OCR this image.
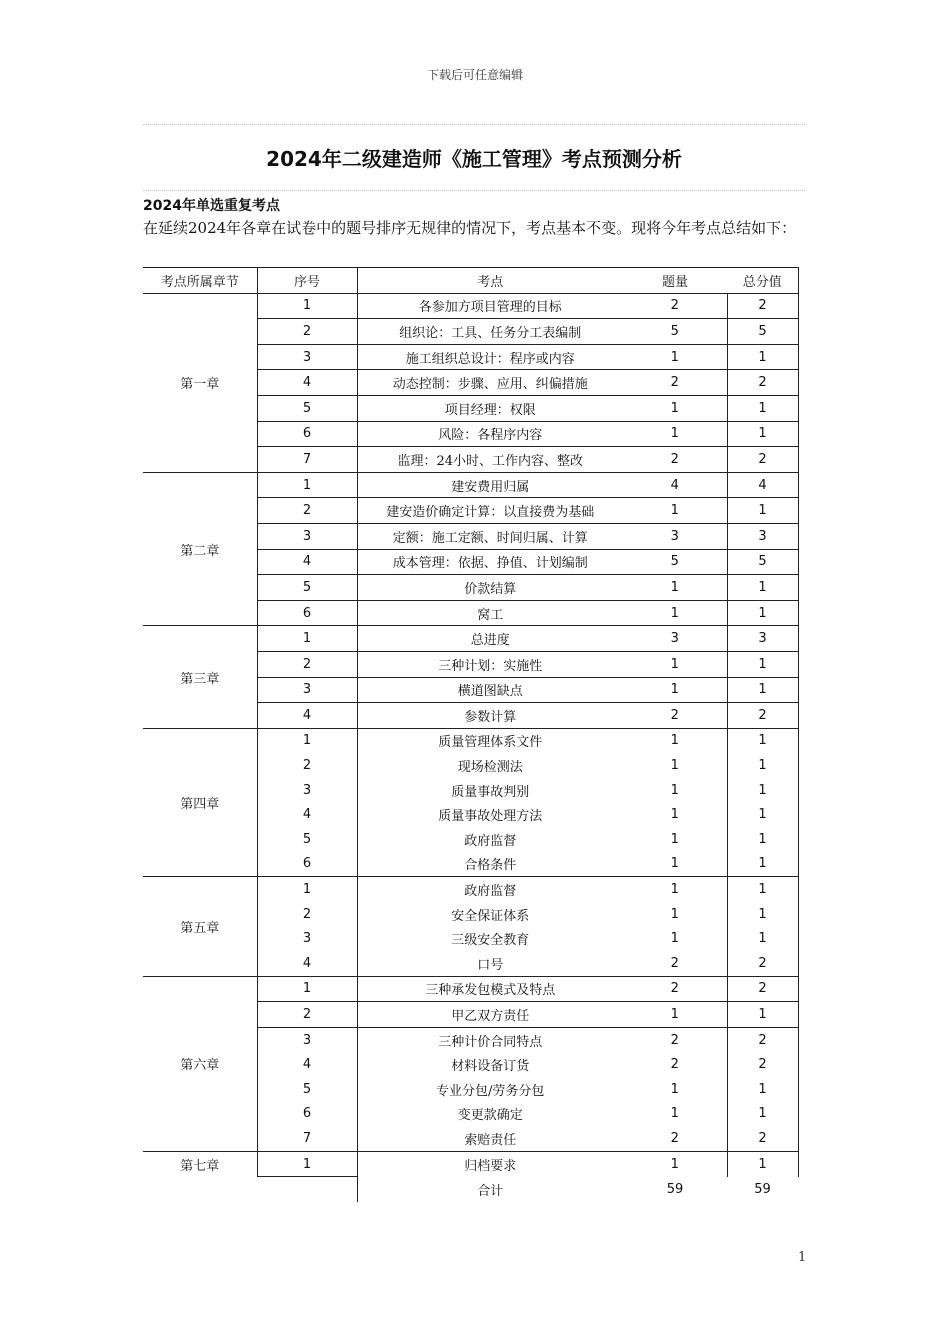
下载后可任意编辑
2024年二级建造师《施工管理》考点预测分析
2024年单选重复考点
在延续2024年各章在试卷中的题号排序无规律的情况下，考点基本不变。现将今年考点总结如下：
考点所属章节	序号	考点	题量	总分值
第一章	1	各参加方项目管理的目标	2	2
	2	组织论：工具、任务分工表编制	5	5
	3	施工组织总设计：程序或内容	1	1
	4	动态控制：步骤、应用、纠偏措施	2	2
	5	项目经理：权限	1	1
	6	风险：各程序内容	1	1
	7	监理：24小时、工作内容、整改	2	2
第二章	1	建安费用归属	4	4
	2	建安造价确定计算：以直接费为基础	1	1
	3	定额：施工定额、时间归属、计算	3	3
	4	成本管理：依据、挣值、计划编制	5	5
	5	价款结算	1	1
	6	窝工	1	1
第三章	1	总进度	3	3
	2	三种计划：实施性	1	1
	3	横道图缺点	1	1
	4	参数计算	2	2
第四章	1	质量管理体系文件	1	1
	2	现场检测法	1	1
	3	质量事故判别	1	1
	4	质量事故处理方法	1	1
	5	政府监督	1	1
	6	合格条件	1	1
第五章	1	政府监督	1	1
	2	安全保证体系	1	1
	3	三级安全教育	1	1
	4	口号	2	2
第六章	1	三种承发包模式及特点	2	2
	2	甲乙双方责任	1	1
	3	三种计价合同特点	2	2
	4	材料设备订货	2	2
	5	专业分包/劳务分包	1	1
	6	变更款确定	1	1
	7	索赔责任	2	2
第七章	1	归档要求	1	1
		合计	59	59
1
